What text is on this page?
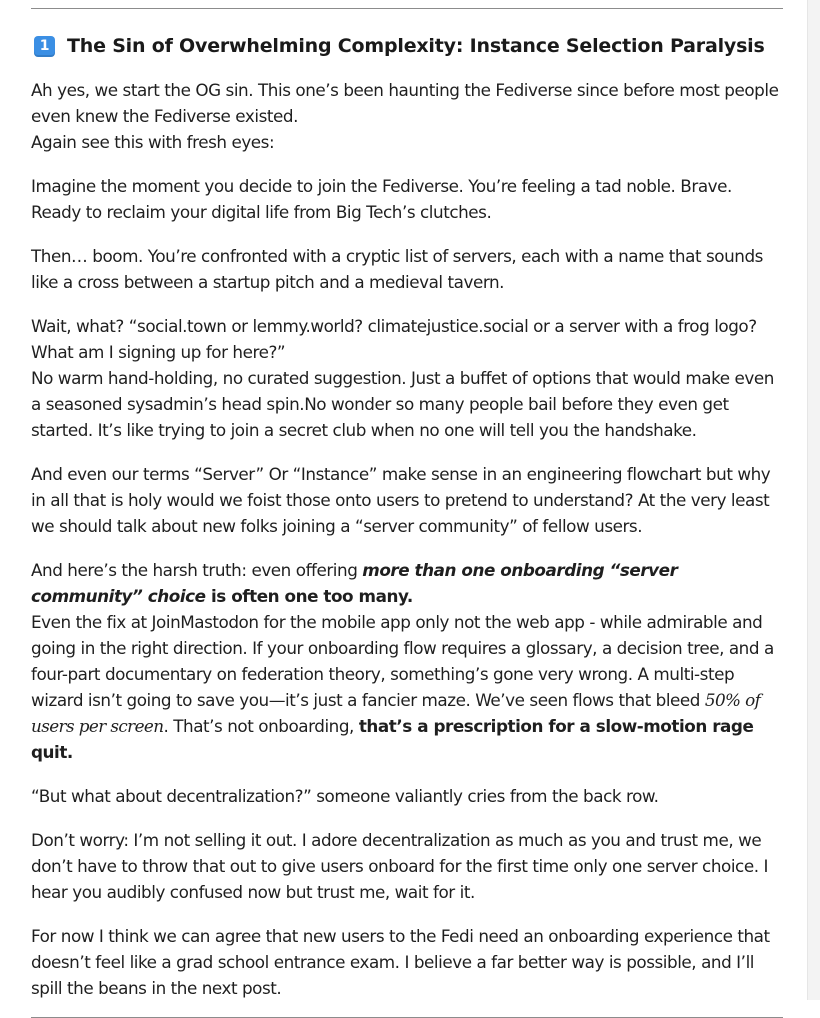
1 The Sin of Overwhelming Complexity: Instance Selection Paralysis

Ah yes, we start the OG sin. This one’s been haunting the Fediverse since before most people even knew the Fediverse existed.
Again see this with fresh eyes:

Imagine the moment you decide to join the Fediverse. You’re feeling a tad noble. Brave. Ready to reclaim your digital life from Big Tech’s clutches.

Then… boom. You’re confronted with a cryptic list of servers, each with a name that sounds like a cross between a startup pitch and a medieval tavern.

Wait, what? “social.town or lemmy.world? climatejustice.social or a server with a frog logo? What am I signing up for here?”
No warm hand-holding, no curated suggestion. Just a buffet of options that would make even a seasoned sysadmin’s head spin.No wonder so many people bail before they even get started. It’s like trying to join a secret club when no one will tell you the handshake.

And even our terms “Server” Or “Instance” make sense in an engineering flowchart but why in all that is holy would we foist those onto users to pretend to understand? At the very least we should talk about new folks joining a “server community” of fellow users.

And here’s the harsh truth: even offering more than one onboarding “server community” choice is often one too many.
Even the fix at JoinMastodon for the mobile app only not the web app - while admirable and going in the right direction. If your onboarding flow requires a glossary, a decision tree, and a four-part documentary on federation theory, something’s gone very wrong. A multi-step wizard isn’t going to save you—it’s just a fancier maze. We’ve seen flows that bleed 50% of users per screen. That’s not onboarding, that’s a prescription for a slow-motion rage quit.

“But what about decentralization?” someone valiantly cries from the back row.

Don’t worry: I’m not selling it out. I adore decentralization as much as you and trust me, we don’t have to throw that out to give users onboard for the first time only one server choice. I hear you audibly confused now but trust me, wait for it.

For now I think we can agree that new users to the Fedi need an onboarding experience that doesn’t feel like a grad school entrance exam. I believe a far better way is possible, and I’ll spill the beans in the next post.
